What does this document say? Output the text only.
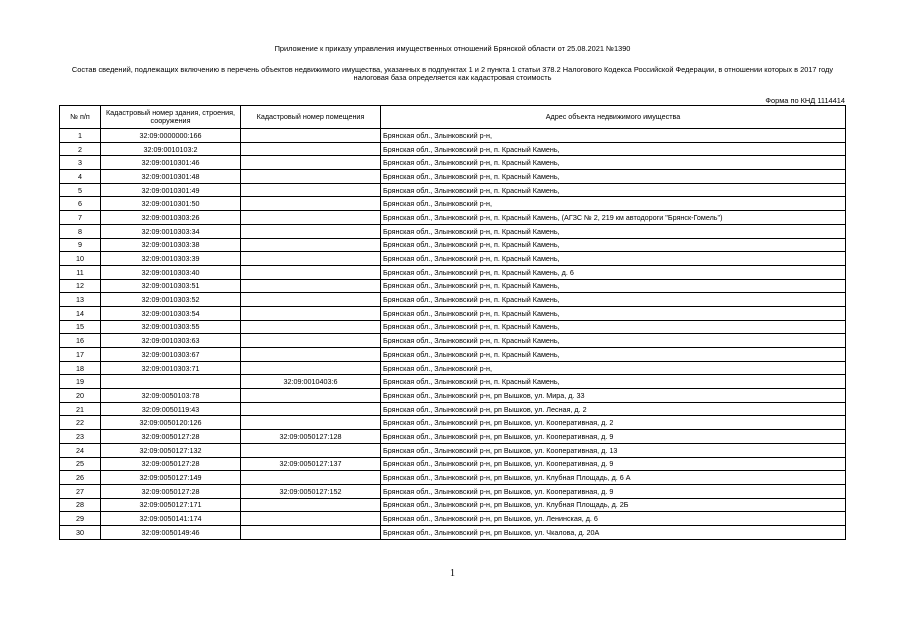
Приложение к приказу управления имущественных отношений Брянской области от 25.08.2021 №1390
Состав сведений, подлежащих включению в перечень объектов недвижимого имущества, указанных в подпунктах 1 и 2 пункта 1 статьи 378.2 Налогового Кодекса Российской Федерации, в отношении которых в 2017 году налоговая база определяется как кадастровая стоимость
Форма по КНД 1114414
№ п/п	Кадастровый номер здания, строения, сооружения	Кадастровый номер помещения	Адрес объекта недвижимого имущества
1	32:09:0000000:166		Брянская обл., Злынковский р-н,
2	32:09:0010103:2		Брянская обл., Злынковский р-н, п. Красный Камень,
3	32:09:0010301:46		Брянская обл., Злынковский р-н, п. Красный Камень,
4	32:09:0010301:48		Брянская обл., Злынковский р-н, п. Красный Камень,
5	32:09:0010301:49		Брянская обл., Злынковский р-н, п. Красный Камень,
6	32:09:0010301:50		Брянская обл., Злынковский р-н,
7	32:09:0010303:26		Брянская обл., Злынковский р-н, п. Красный Камень, (АГЗС № 2, 219 км автодороги "Брянск-Гомель")
8	32:09:0010303:34		Брянская обл., Злынковский р-н, п. Красный Камень,
9	32:09:0010303:38		Брянская обл., Злынковский р-н, п. Красный Камень,
10	32:09:0010303:39		Брянская обл., Злынковский р-н, п. Красный Камень,
11	32:09:0010303:40		Брянская обл., Злынковский р-н, п. Красный Камень, д. 6
12	32:09:0010303:51		Брянская обл., Злынковский р-н, п. Красный Камень,
13	32:09:0010303:52		Брянская обл., Злынковский р-н, п. Красный Камень,
14	32:09:0010303:54		Брянская обл., Злынковский р-н, п. Красный Камень,
15	32:09:0010303:55		Брянская обл., Злынковский р-н, п. Красный Камень,
16	32:09:0010303:63		Брянская обл., Злынковский р-н, п. Красный Камень,
17	32:09:0010303:67		Брянская обл., Злынковский р-н, п. Красный Камень,
18	32:09:0010303:71		Брянская обл., Злынковский р-н,
19		32:09:0010403:6	Брянская обл., Злынковский р-н, п. Красный Камень,
20	32:09:0050103:78		Брянская обл., Злынковский р-н, рп Вышков, ул. Мира, д. 33
21	32:09:0050119:43		Брянская обл., Злынковский р-н, рп Вышков, ул. Лесная, д. 2
22	32:09:0050120:126		Брянская обл., Злынковский р-н, рп Вышков, ул. Кооперативная, д. 2
23	32:09:0050127:28	32:09:0050127:128	Брянская обл., Злынковский р-н, рп Вышков, ул. Кооперативная, д. 9
24	32:09:0050127:132		Брянская обл., Злынковский р-н, рп Вышков, ул. Кооперативная, д. 13
25	32:09:0050127:28	32:09:0050127:137	Брянская обл., Злынковский р-н, рп Вышков, ул. Кооперативная, д. 9
26	32:09:0050127:149		Брянская обл., Злынковский р-н, рп Вышков, ул. Клубная Площадь, д. 6 А
27	32:09:0050127:28	32:09:0050127:152	Брянская обл., Злынковский р-н, рп Вышков, ул. Кооперативная, д. 9
28	32:09:0050127:171		Брянская обл., Злынковский р-н, рп Вышков, ул. Клубная Площадь, д. 2Б
29	32:09:0050141:174		Брянская обл., Злынковский р-н, рп Вышков, ул. Ленинская, д. 6
30	32:09:0050149:46		Брянская обл., Злынковский р-н, рп Вышков, ул. Чкалова, д. 20А
1
